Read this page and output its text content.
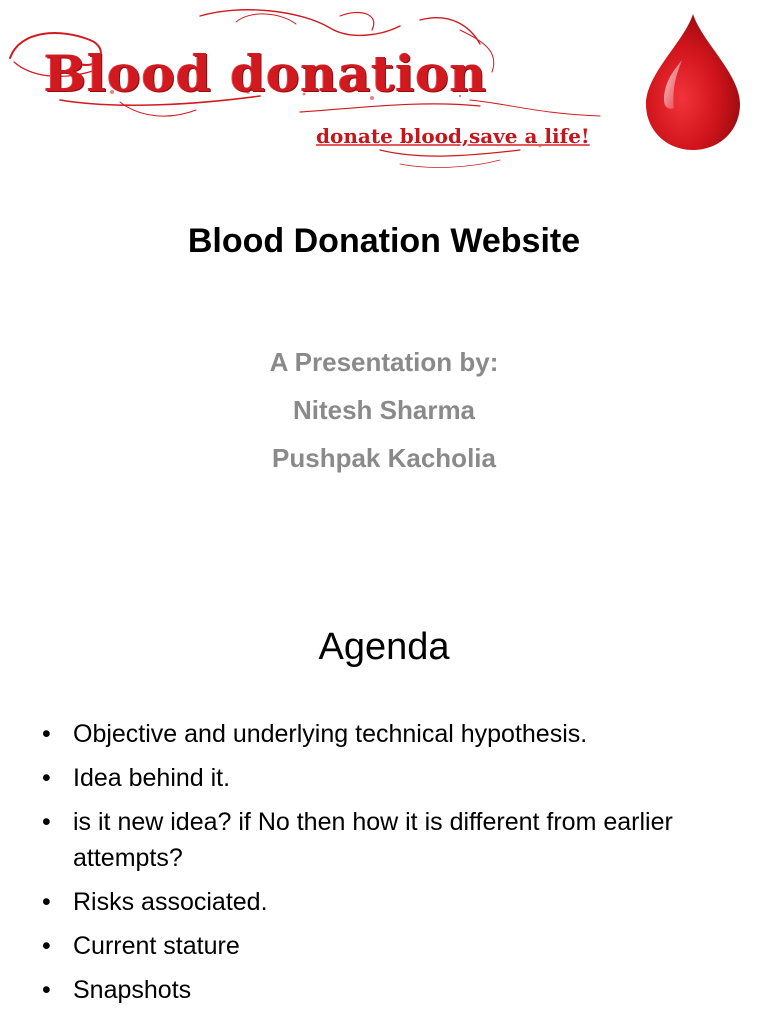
Blood donation
donate blood,save a life!
Blood Donation Website
A Presentation by:
Nitesh Sharma
Pushpak Kacholia
Agenda
• Objective and underlying technical hypothesis.
• Idea behind it.
• is it new idea? if No then how it is different from earlier attempts?
• Risks associated.
• Current stature
• Snapshots
